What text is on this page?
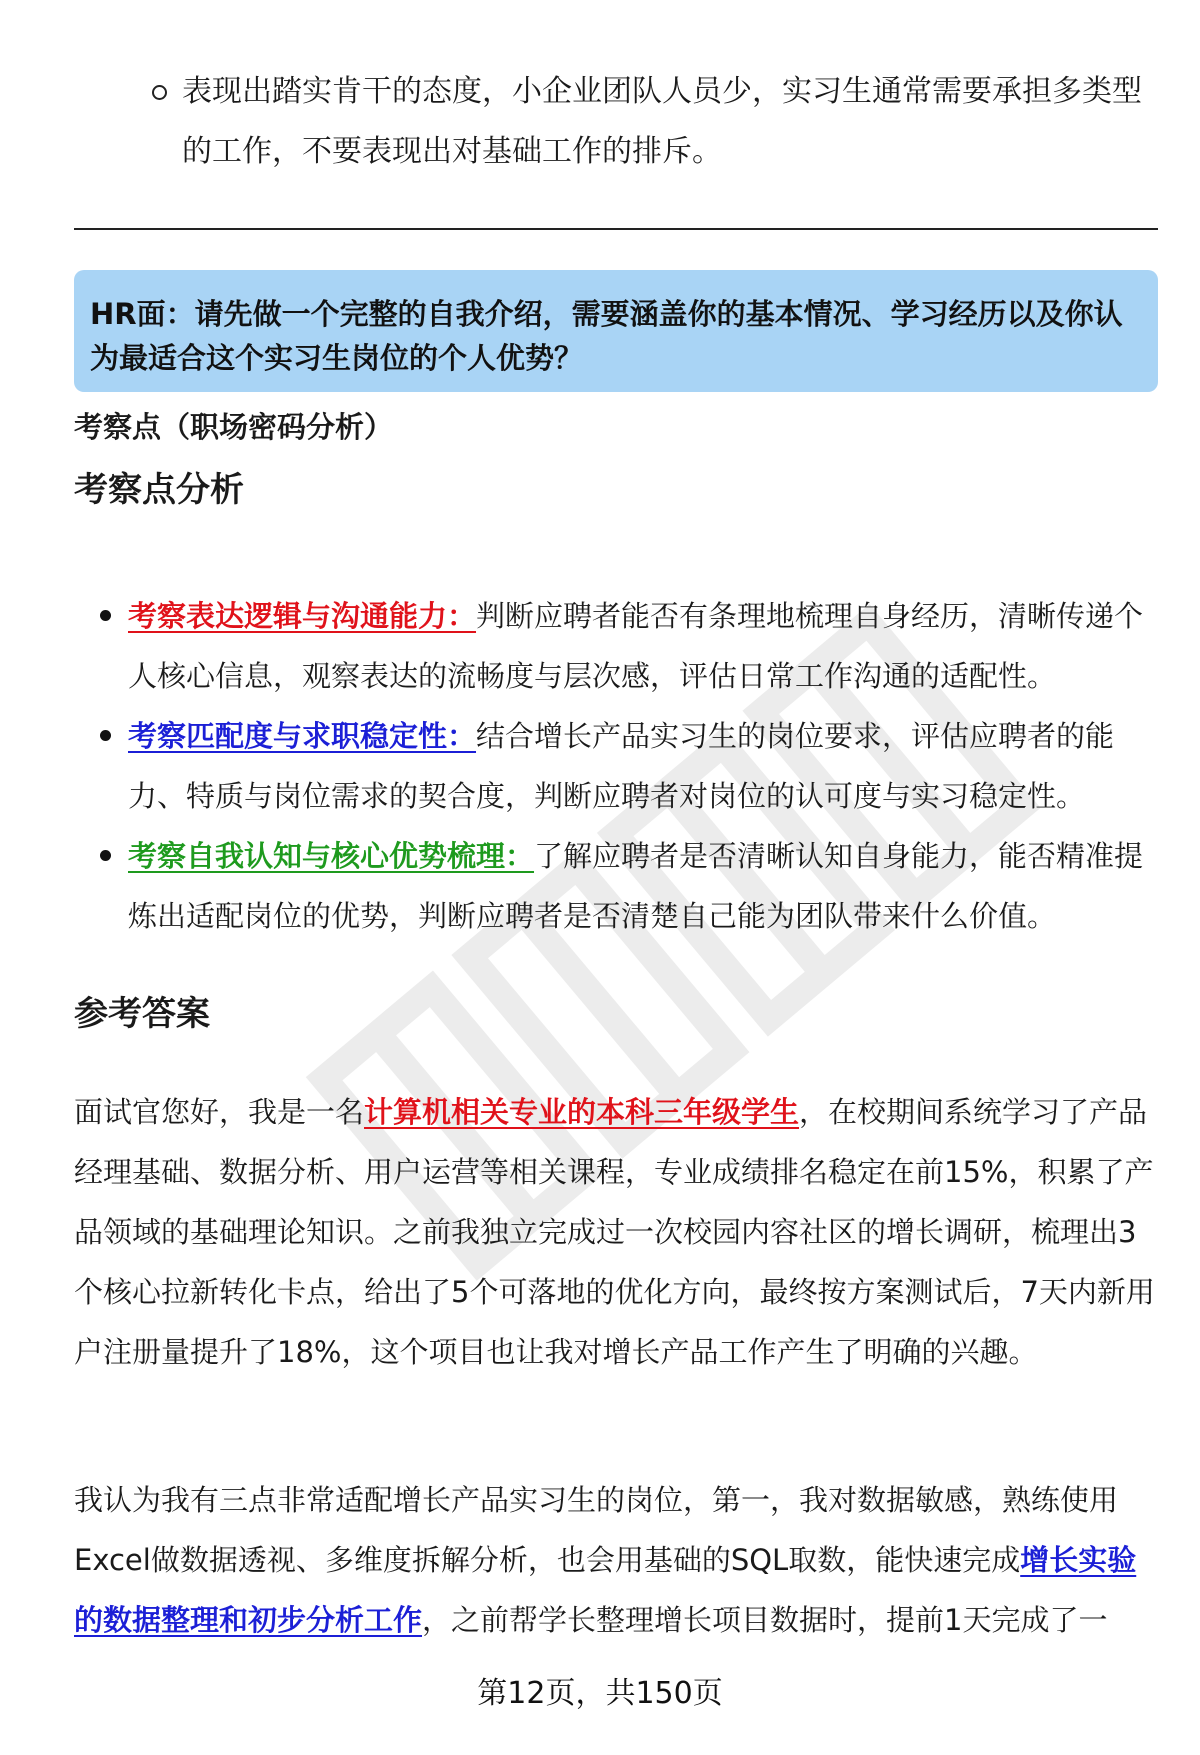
表现出踏实肯干的态度，小企业团队人员少，实习生通常需要承担多类型的工作，不要表现出对基础工作的排斥。
HR面：请先做一个完整的自我介绍，需要涵盖你的基本情况、学习经历以及你认为最适合这个实习生岗位的个人优势？
考察点（职场密码分析）
考察点分析
考察表达逻辑与沟通能力：判断应聘者能否有条理地梳理自身经历，清晰传递个人核心信息，观察表达的流畅度与层次感，评估日常工作沟通的适配性。
考察匹配度与求职稳定性：结合增长产品实习生的岗位要求，评估应聘者的能力、特质与岗位需求的契合度，判断应聘者对岗位的认可度与实习稳定性。
考察自我认知与核心优势梳理：了解应聘者是否清晰认知自身能力，能否精准提炼出适配岗位的优势，判断应聘者是否清楚自己能为团队带来什么价值。
参考答案
面试官您好，我是一名计算机相关专业的本科三年级学生，在校期间系统学习了产品经理基础、数据分析、用户运营等相关课程，专业成绩排名稳定在前15%，积累了产品领域的基础理论知识。之前我独立完成过一次校园内容社区的增长调研，梳理出3个核心拉新转化卡点，给出了5个可落地的优化方向，最终按方案测试后，7天内新用户注册量提升了18%，这个项目也让我对增长产品工作产生了明确的兴趣。
我认为我有三点非常适配增长产品实习生的岗位，第一，我对数据敏感，熟练使用Excel做数据透视、多维度拆解分析，也会用基础的SQL取数，能快速完成增长实验的数据整理和初步分析工作，之前帮学长整理增长项目数据时，提前1天完成了一
第12页，共150页
